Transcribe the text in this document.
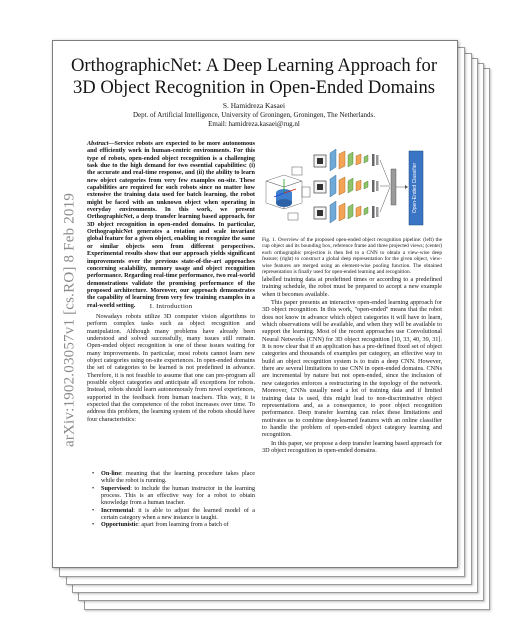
arXiv:1902.03057v1 [cs.RO] 8 Feb 2019
OrthographicNet: A Deep Learning Approach for
3D Object Recognition in Open-Ended Domains
S. Hamidreza Kasaei
Dept. of Artificial Intelligence, University of Groningen, Groningen, The Netherlands.
Email: hamidreza.kasaei@rug.nl
Abstract—Service robots are expected to be more autonomous and efficiently work in human-centric environments. For this type of robots, open-ended object recognition is a challenging task due to the high demand for two essential capabilities: (i) the accurate and real-time response, and (ii) the ability to learn new object categories from very few examples on-site. These capabilities are required for such robots since no matter how extensive the training data used for batch learning, the robot might be faced with an unknown object when operating in everyday environments. In this work, we present OrthographicNet, a deep transfer learning based approach, for 3D object recognition in open-ended domains. In particular, OrthographicNet generates a rotation and scale invariant global feature for a given object, enabling to recognize the same or similar objects seen from different perspectives. Experimental results show that our approach yields significant improvements over the previous state-of-the-art approaches concerning scalability, memory usage and object recognition performance. Regarding real-time performance, two real-world demonstrations validate the promising performance of the proposed architecture. Moreover, our approach demonstrates the capability of learning from very few training examples in a real-world setting.	I. Introduction

Nowadays robots utilize 3D computer vision algorithms to perform complex tasks such as object recognition and manipulation. Although many problems have already been understood and solved successfully, many issues still remain. Open-ended object recognition is one of these issues waiting for many improvements. In particular, most robots cannot learn new object categories using on-site experiences. In open-ended domains the set of categories to be learned is not predefined in advance. Therefore, it is not feasible to assume that one can pre-program all possible object categories and anticipate all exceptions for robots. Instead, robots should learn autonomously from novel experiences, supported in the feedback from human teachers. This way, it is expected that the competence of the robot increases over time. To address this problem, the learning system of the robots should have four characteristics:

• On-line: meaning that the learning procedure takes place while the robot is running.
• Supervised: to include the human instructor in the learning process. This is an effective way for a robot to obtain knowledge from a human teacher.
• Incremental: it is able to adjust the learned model of a certain category when a new instance is taught.
• Opportunistic: apart from learning from a batch of
Open-Ended Classifier
Fig. 1. Overview of the proposed open-ended object recognition pipeline: (left) the cup object and its bounding box, reference frame and three projected views; (center) each orthographic projection is then fed to a CNN to obtain a view-wise deep feature; (right) to construct a global deep representation for the given object, view-wise features are merged using an element-wise pooling function. The obtained representation is finally used for open-ended learning and recognition.

labelled training data at predefined times or according to a predefined training schedule, the robot must be prepared to accept a new example when it becomes available.

This paper presents an interactive open-ended learning approach for 3D object recognition. In this work, "open-ended" means that the robot does not know in advance which object categories it will have to learn, which observations will be available, and when they will be available to support the learning. Most of the recent approaches use Convolutional Neural Networks (CNN) for 3D object recognition [10, 33, 40, 39, 31]. It is now clear that if an application has a pre-defined fixed set of object categories and thousands of examples per category, an effective way to build an object recognition system is to train a deep CNN. However, there are several limitations to use CNN in open-ended domains. CNNs are incremental by nature but not open-ended, since the inclusion of new categories enforces a restructuring in the topology of the network. Moreover, CNNs usually need a lot of training data and if limited training data is used, this might lead to non-discriminative object representations and, as a consequence, to poor object recognition performance. Deep transfer learning can relax these limitations and motivates us to combine deep-learned features with an online classifier to handle the problem of open-ended object category learning and recognition.

In this paper, we propose a deep transfer learning based approach for 3D object recognition in open-ended domains.
